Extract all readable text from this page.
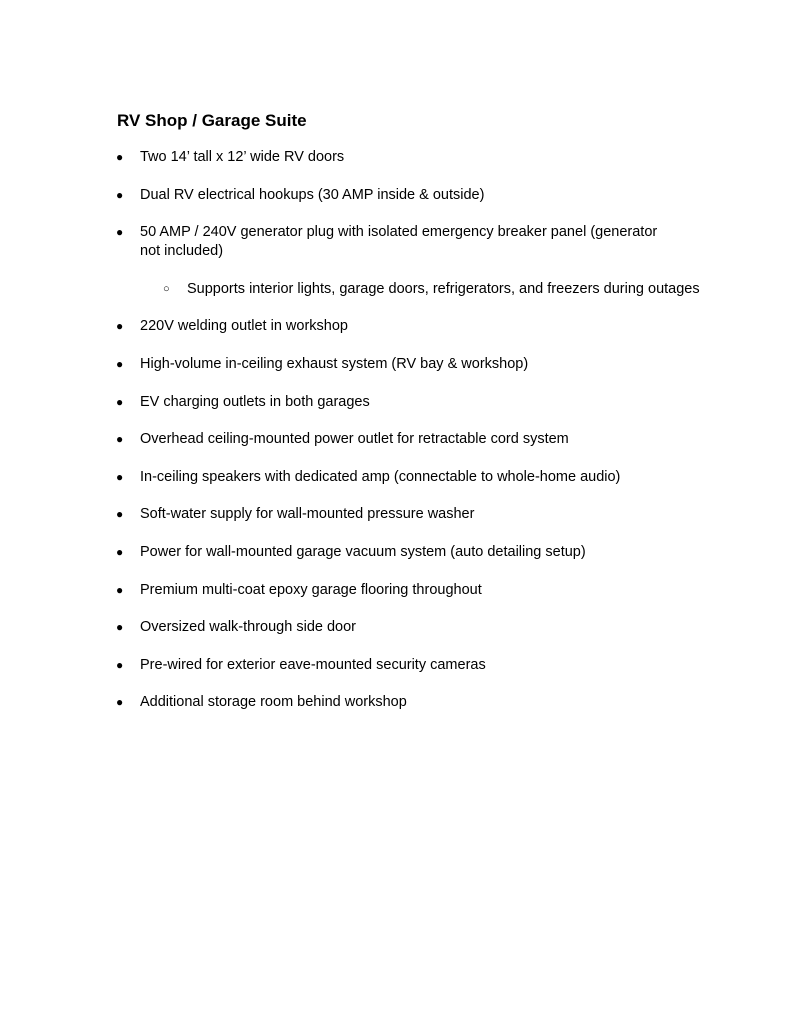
RV Shop / Garage Suite
● Two 14’ tall x 12’ wide RV doors
● Dual RV electrical hookups (30 AMP inside & outside)
● 50 AMP / 240V generator plug with isolated emergency breaker panel (generator not included)
○ Supports interior lights, garage doors, refrigerators, and freezers during outages
● 220V welding outlet in workshop
● High-volume in-ceiling exhaust system (RV bay & workshop)
● EV charging outlets in both garages
● Overhead ceiling-mounted power outlet for retractable cord system
● In-ceiling speakers with dedicated amp (connectable to whole-home audio)
● Soft-water supply for wall-mounted pressure washer
● Power for wall-mounted garage vacuum system (auto detailing setup)
● Premium multi-coat epoxy garage flooring throughout
● Oversized walk-through side door
● Pre-wired for exterior eave-mounted security cameras
● Additional storage room behind workshop
